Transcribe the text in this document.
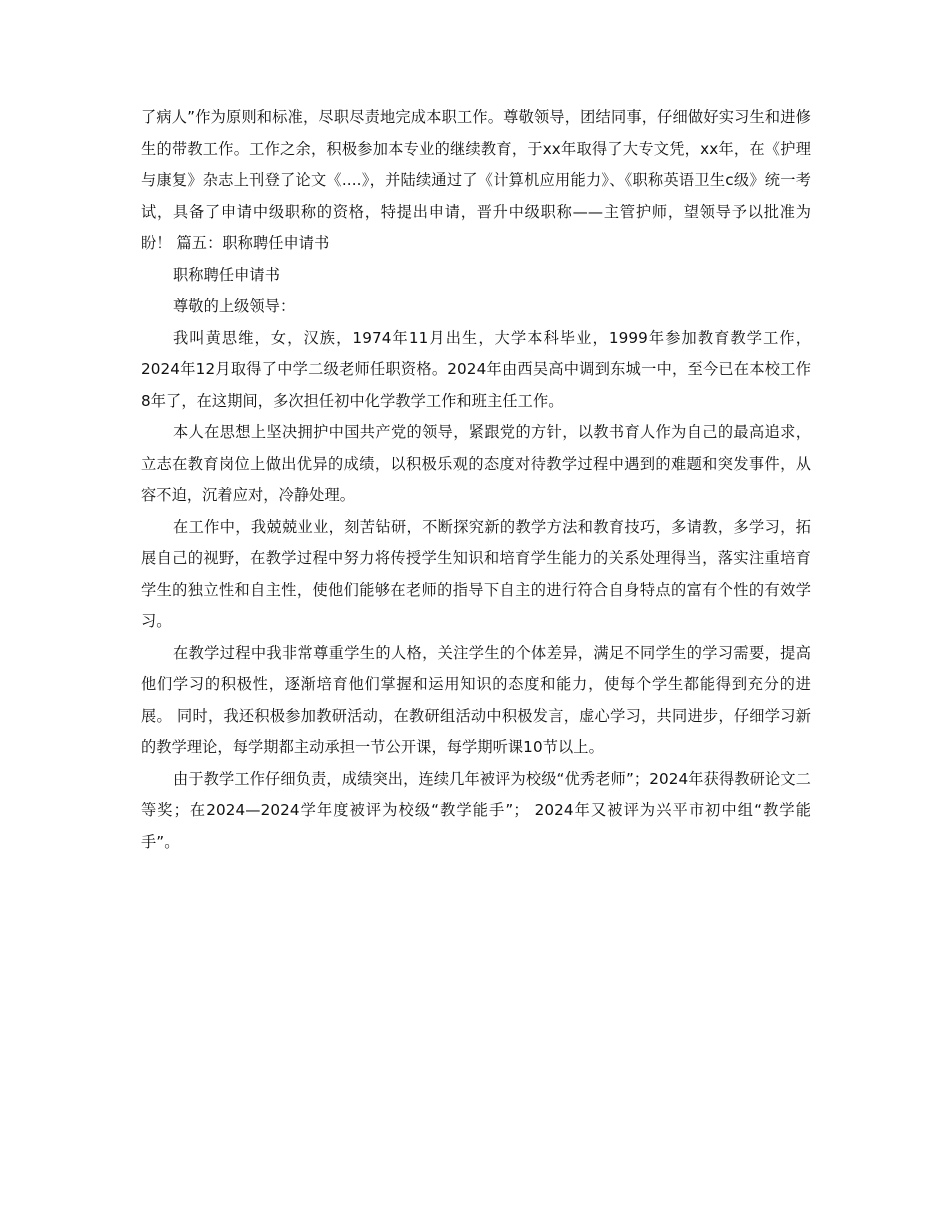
了病人”作为原则和标准，尽职尽责地完成本职工作。尊敬领导，团结同事，仔细做好实习生和进修生的带教工作。工作之余，积极参加本专业的继续教育，于xx年取得了大专文凭，xx年，在《护理与康复》杂志上刊登了论文《....》，并陆续通过了《计算机应用能力》、《职称英语卫生c级》统一考试，具备了申请中级职称的资格，特提出申请，晋升中级职称——主管护师，望领导予以批准为盼！ 篇五：职称聘任申请书

职称聘任申请书

尊敬的上级领导：

我叫黄思维，女，汉族，1974年11月出生，大学本科毕业，1999年参加教育教学工作，2024年12月取得了中学二级老师任职资格。2024年由西吴高中调到东城一中，至今已在本校工作8年了，在这期间，多次担任初中化学教学工作和班主任工作。

本人在思想上坚决拥护中国共产党的领导，紧跟党的方针，以教书育人作为自己的最高追求，立志在教育岗位上做出优异的成绩，以积极乐观的态度对待教学过程中遇到的难题和突发事件，从容不迫，沉着应对，冷静处理。

在工作中，我兢兢业业，刻苦钻研，不断探究新的教学方法和教育技巧，多请教，多学习，拓展自己的视野，在教学过程中努力将传授学生知识和培育学生能力的关系处理得当，落实注重培育学生的独立性和自主性，使他们能够在老师的指导下自主的进行符合自身特点的富有个性的有效学习。

在教学过程中我非常尊重学生的人格，关注学生的个体差异，满足不同学生的学习需要，提高他们学习的积极性，逐渐培育他们掌握和运用知识的态度和能力，使每个学生都能得到充分的进展。 同时，我还积极参加教研活动，在教研组活动中积极发言，虚心学习，共同进步，仔细学习新的教学理论，每学期都主动承担一节公开课，每学期听课10节以上。

由于教学工作仔细负责，成绩突出，连续几年被评为校级“优秀老师”；2024年获得教研论文二等奖；在2024—2024学年度被评为校级“教学能手”； 2024年又被评为兴平市初中组“教学能手”。
